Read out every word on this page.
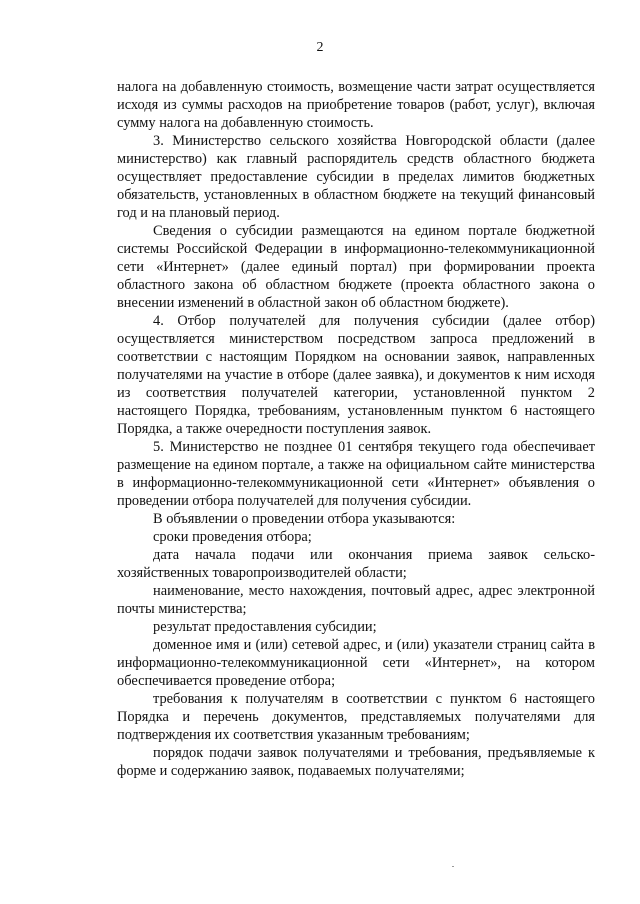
2

налога на добавленную стоимость, возмещение части затрат осуществляется исходя из суммы расходов на приобретение товаров (работ, услуг), включая сумму налога на добавленную стоимость.

3. Министерство сельского хозяйства Новгородской области (далее министерство) как главный распорядитель средств областного бюджета осуществляет предоставление субсидии в пределах лимитов бюджетных обязательств, установленных в областном бюджете на текущий финансовый год и на плановый период.

Сведения о субсидии размещаются на едином портале бюджетной системы Российской Федерации в информационно-телекоммуникационной сети «Интернет» (далее единый портал) при формировании проекта областного закона об областном бюджете (проекта областного закона о внесении изменений в областной закон об областном бюджете).

4. Отбор получателей для получения субсидии (далее отбор) осуществляется министерством посредством запроса предложений в соответствии с настоящим Порядком на основании заявок, направленных получателями на участие в отборе (далее заявка), и документов к ним исходя из соответствия получателей категории, установленной пунктом 2 настоящего Порядка, требованиям, установленным пунктом 6 настоящего Порядка, а также очередности поступления заявок.

5. Министерство не позднее 01 сентября текущего года обеспечивает размещение на едином портале, а также на официальном сайте министерства в информационно-телекоммуникационной сети «Интернет» объявления о проведении отбора получателей для получения субсидии.

В объявлении о проведении отбора указываются:

сроки проведения отбора;

дата начала подачи или окончания приема заявок сельско-хозяйственных товаропроизводителей области;

наименование, место нахождения, почтовый адрес, адрес электронной почты министерства;

результат предоставления субсидии;

доменное имя и (или) сетевой адрес, и (или) указатели страниц сайта в информационно-телекоммуникационной сети «Интернет», на котором обеспечивается проведение отбора;

требования к получателям в соответствии с пунктом 6 настоящего Порядка и перечень документов, представляемых получателями для подтверждения их соответствия указанным требованиям;

порядок подачи заявок получателями и требования, предъявляемые к форме и содержанию заявок, подаваемых получателями;
